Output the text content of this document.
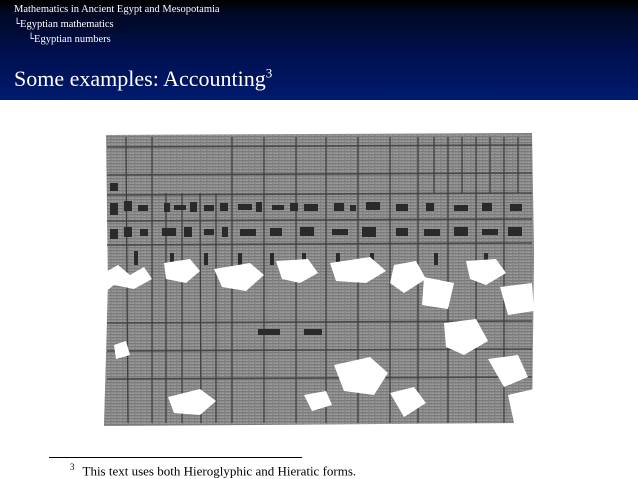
Mathematics in Ancient Egypt and Mesopotamia
└Egyptian mathematics
└Egyptian numbers
Some examples: Accounting$^3$
$^3$ This text uses both Hieroglyphic and Hieratic forms.
